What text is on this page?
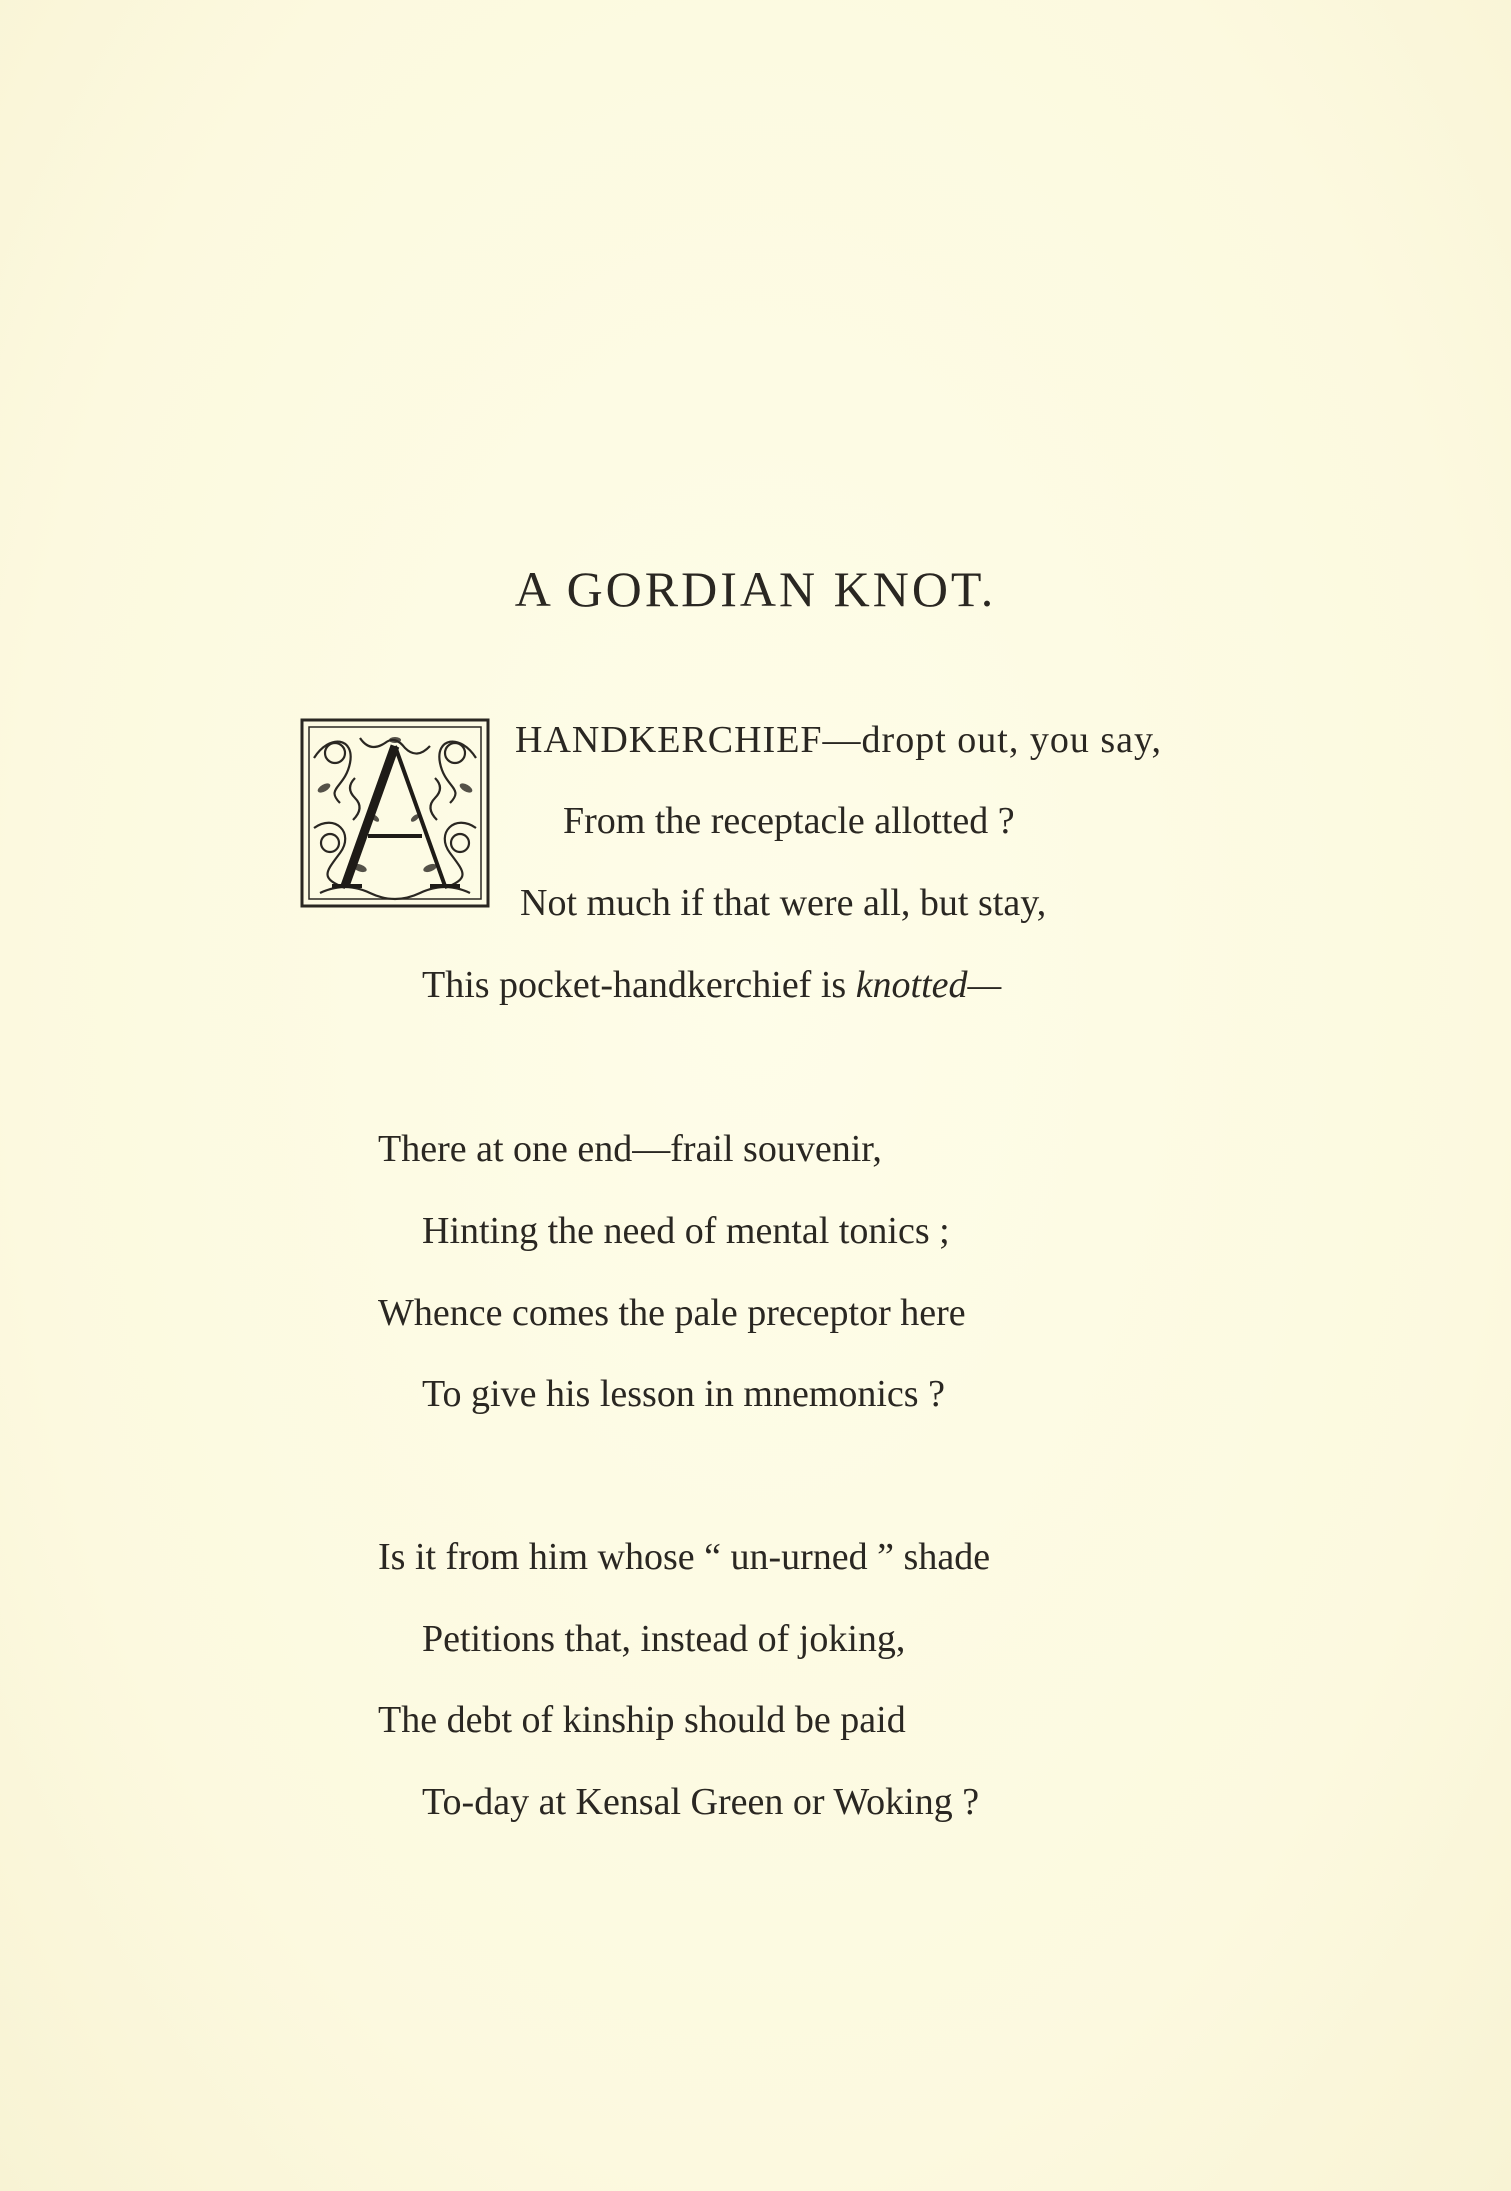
A GORDIAN KNOT.

HANDKERCHIEF—dropt out, you say,

From the receptacle allotted ?

Not much if that were all, but stay,

This pocket-handkerchief is knotted—

There at one end—frail souvenir,

Hinting the need of mental tonics ;

Whence comes the pale preceptor here

To give his lesson in mnemonics ?

Is it from him whose “ un-urned ” shade

Petitions that, instead of joking,

The debt of kinship should be paid

To-day at Kensal Green or Woking ?
